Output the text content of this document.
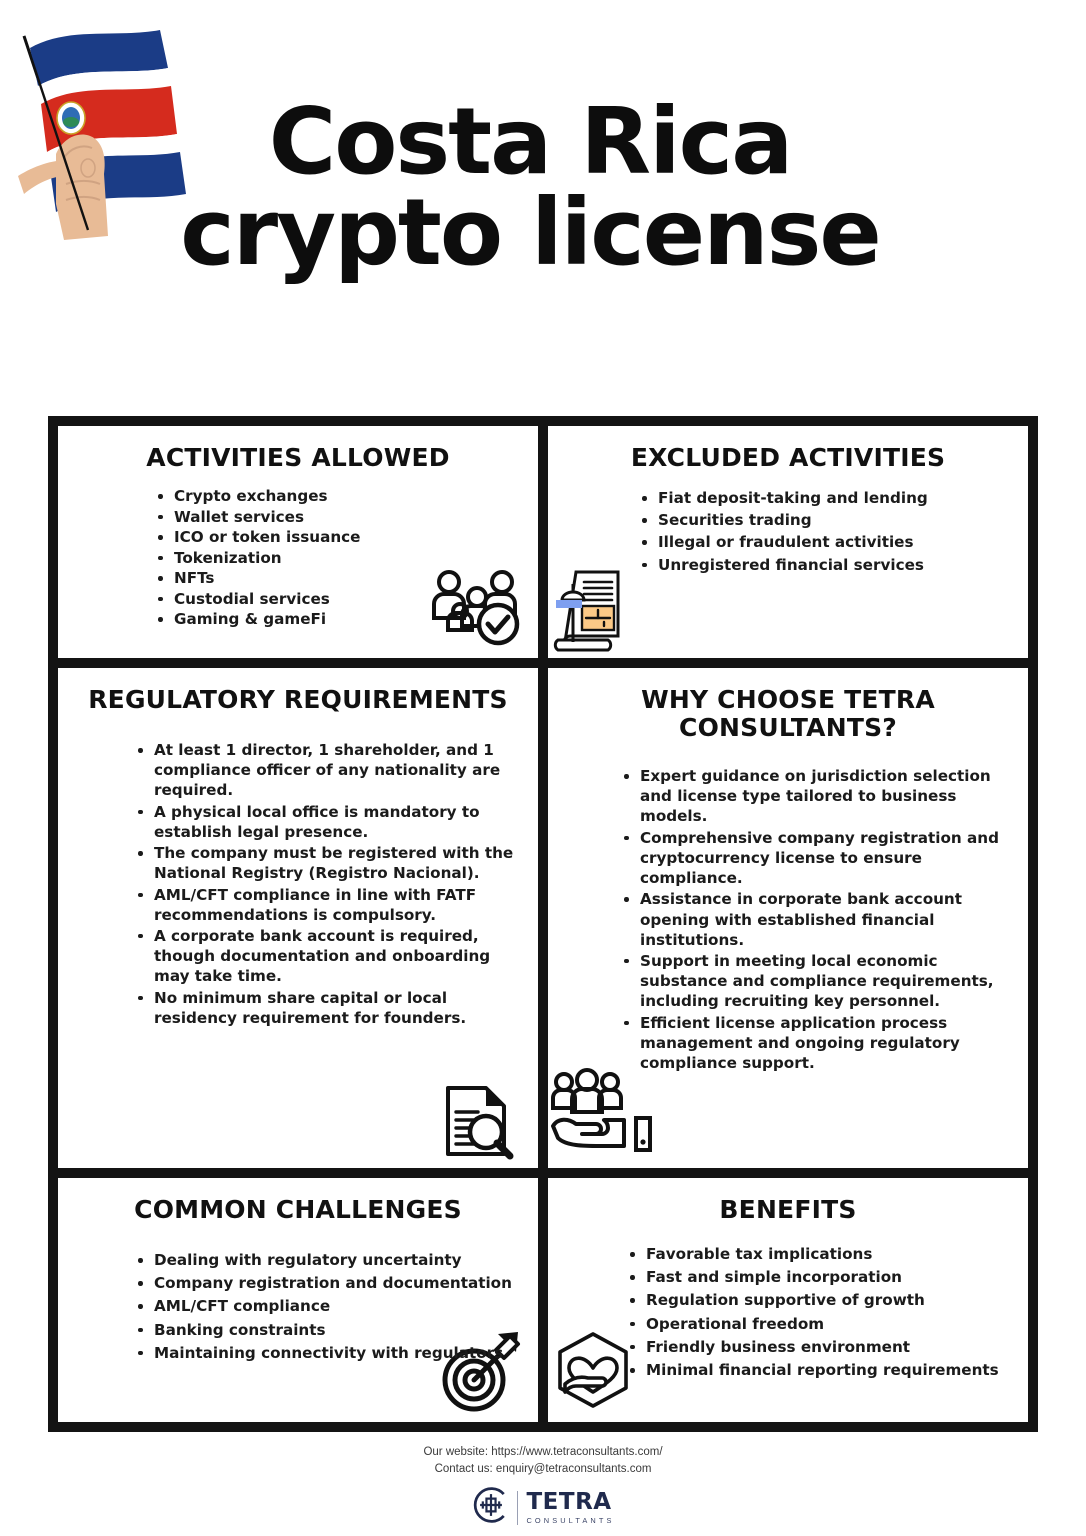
Costa Rica crypto license
ACTIVITIES ALLOWED
Crypto exchanges
Wallet services
ICO or token issuance
Tokenization
NFTs
Custodial services
Gaming & gameFi
EXCLUDED ACTIVITIES
Fiat deposit-taking and lending
Securities trading
Illegal or fraudulent activities
Unregistered financial services
REGULATORY REQUIREMENTS
At least 1 director, 1 shareholder, and 1 compliance officer of any nationality are required.
A physical local office is mandatory to establish legal presence.
The company must be registered with the National Registry (Registro Nacional).
AML/CFT compliance in line with FATF recommendations is compulsory.
A corporate bank account is required, though documentation and onboarding may take time.
No minimum share capital or local residency requirement for founders.
WHY CHOOSE TETRA CONSULTANTS?
Expert guidance on jurisdiction selection and license type tailored to business models.
Comprehensive company registration and cryptocurrency license to ensure compliance.
Assistance in corporate bank account opening with established financial institutions.
Support in meeting local economic substance and compliance requirements, including recruiting key personnel.
Efficient license application process management and ongoing regulatory compliance support.
COMMON CHALLENGES
Dealing with regulatory uncertainty
Company registration and documentation
AML/CFT compliance
Banking constraints
Maintaining connectivity with regulators
BENEFITS
Favorable tax implications
Fast and simple incorporation
Regulation supportive of growth
Operational freedom
Friendly business environment
Minimal financial reporting requirements
Our website: https://www.tetraconsultants.com/
Contact us: enquiry@tetraconsultants.com
TETRA
CONSULTANTS
